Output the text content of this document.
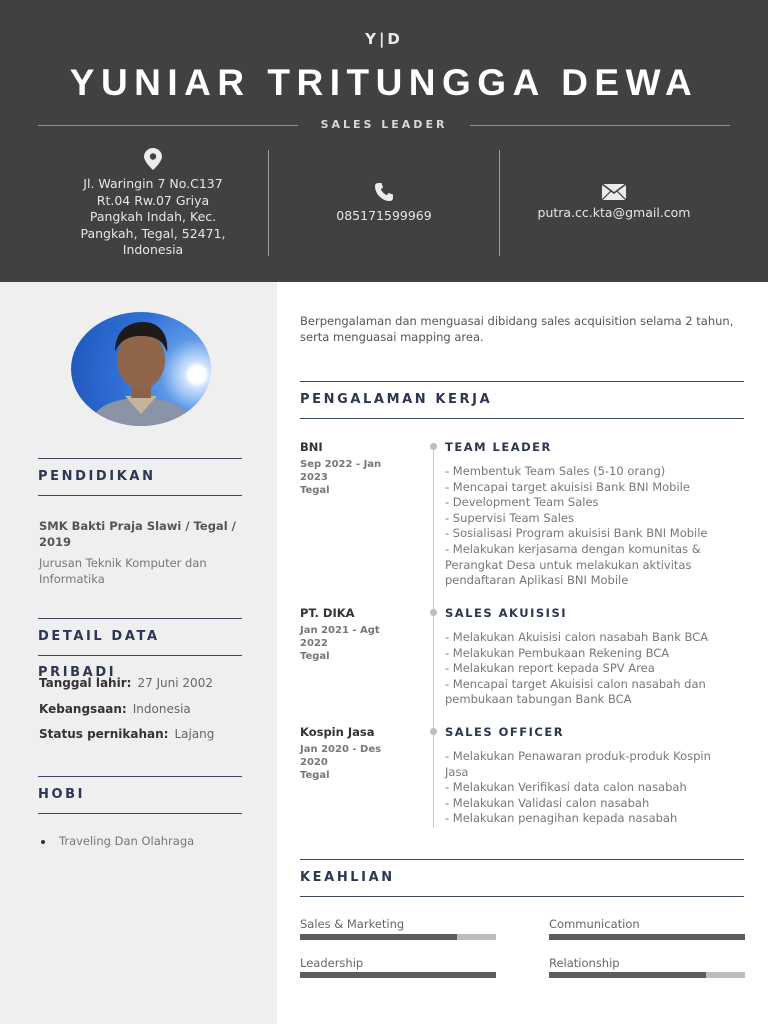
Y|D
YUNIAR TRITUNGGA DEWA
SALES LEADER
Jl. Waringin 7 No.C137
Rt.04 Rw.07 Griya
Pangkah Indah, Kec.
Pangkah, Tegal, 52471,
Indonesia
085171599969	putra.cc.kta@gmail.com
PENDIDIKAN
SMK Bakti Praja Slawi / Tegal / 2019
Jurusan Teknik Komputer dan Informatika
DETAIL DATA PRIBADI
Tanggal lahir: 27 Juni 2002
Kebangsaan: Indonesia
Status pernikahan: Lajang
HOBI
Traveling Dan Olahraga
Berpengalaman dan menguasai dibidang sales acquisition selama 2 tahun, serta menguasai mapping area.
PENGALAMAN KERJA
BNI
Sep 2022 - Jan 2023
Tegal
TEAM LEADER
- Membentuk Team Sales (5-10 orang)
- Mencapai target akuisisi Bank BNI Mobile
- Development Team Sales
- Supervisi Team Sales
- Sosialisasi Program akuisisi Bank BNI Mobile
- Melakukan kerjasama dengan komunitas & Perangkat Desa untuk melakukan aktivitas pendaftaran Aplikasi BNI Mobile
PT. DIKA
Jan 2021 - Agt 2022
Tegal
SALES AKUISISI
- Melakukan Akuisisi calon nasabah Bank BCA
- Melakukan Pembukaan Rekening BCA
- Melakukan report kepada SPV Area
- Mencapai target Akuisisi calon nasabah dan pembukaan tabungan Bank BCA
Kospin Jasa
Jan 2020 - Des 2020
Tegal
SALES OFFICER
- Melakukan Penawaran produk-produk Kospin Jasa
- Melakukan Verifikasi data calon nasabah
- Melakukan Validasi calon nasabah
- Melakukan penagihan kepada nasabah
KEAHLIAN
Sales & Marketing	Communication
Leadership	Relationship
